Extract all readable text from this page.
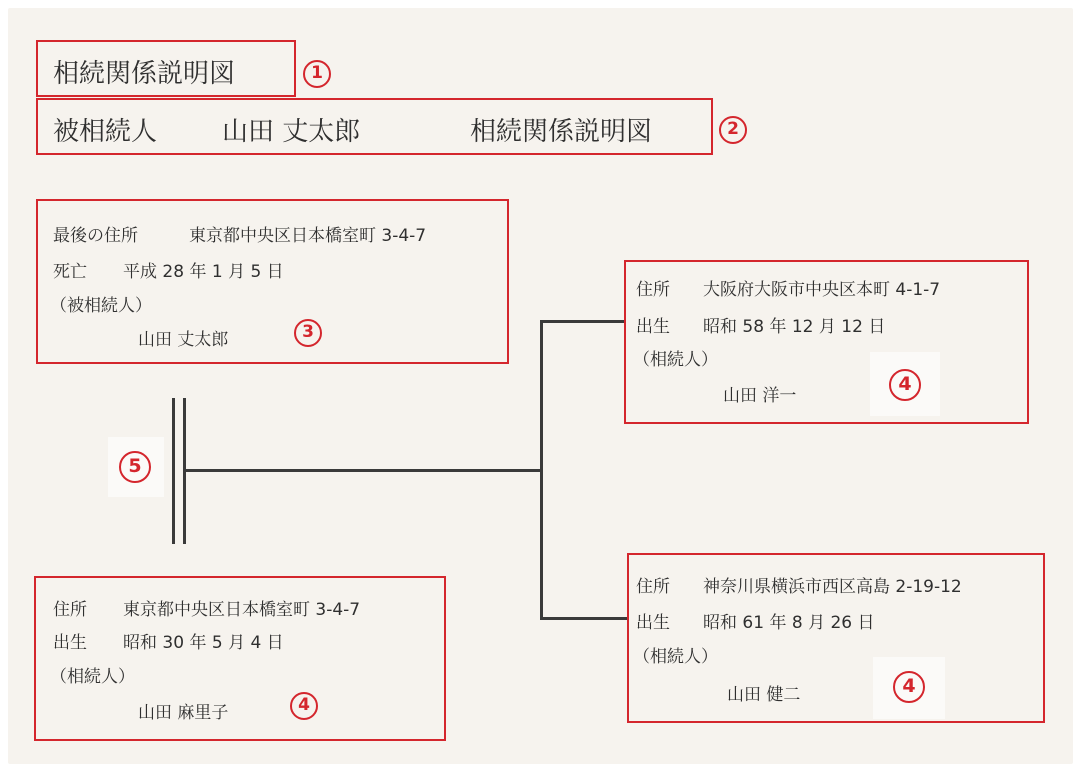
相続関係説明図	1
被相続人 山田 丈太郎	相続関係説明図	2
最後の住所	東京都中央区日本橋室町 3-4-7
死亡 平成 28 年 1 月 5 日
（被相続人）
山田 丈太郎	3
住所 東京都中央区日本橋室町 3-4-7
出生 昭和 30 年 5 月 4 日
（相続人）
山田 麻里子	4
住所 大阪府大阪市中央区本町 4-1-7
出生 昭和 58 年 12 月 12 日
（相続人）
山田 洋一
4
住所 神奈川県横浜市西区高島 2-19-12
出生 昭和 61 年 8 月 26 日
（相続人）
山田 健二	4
5
